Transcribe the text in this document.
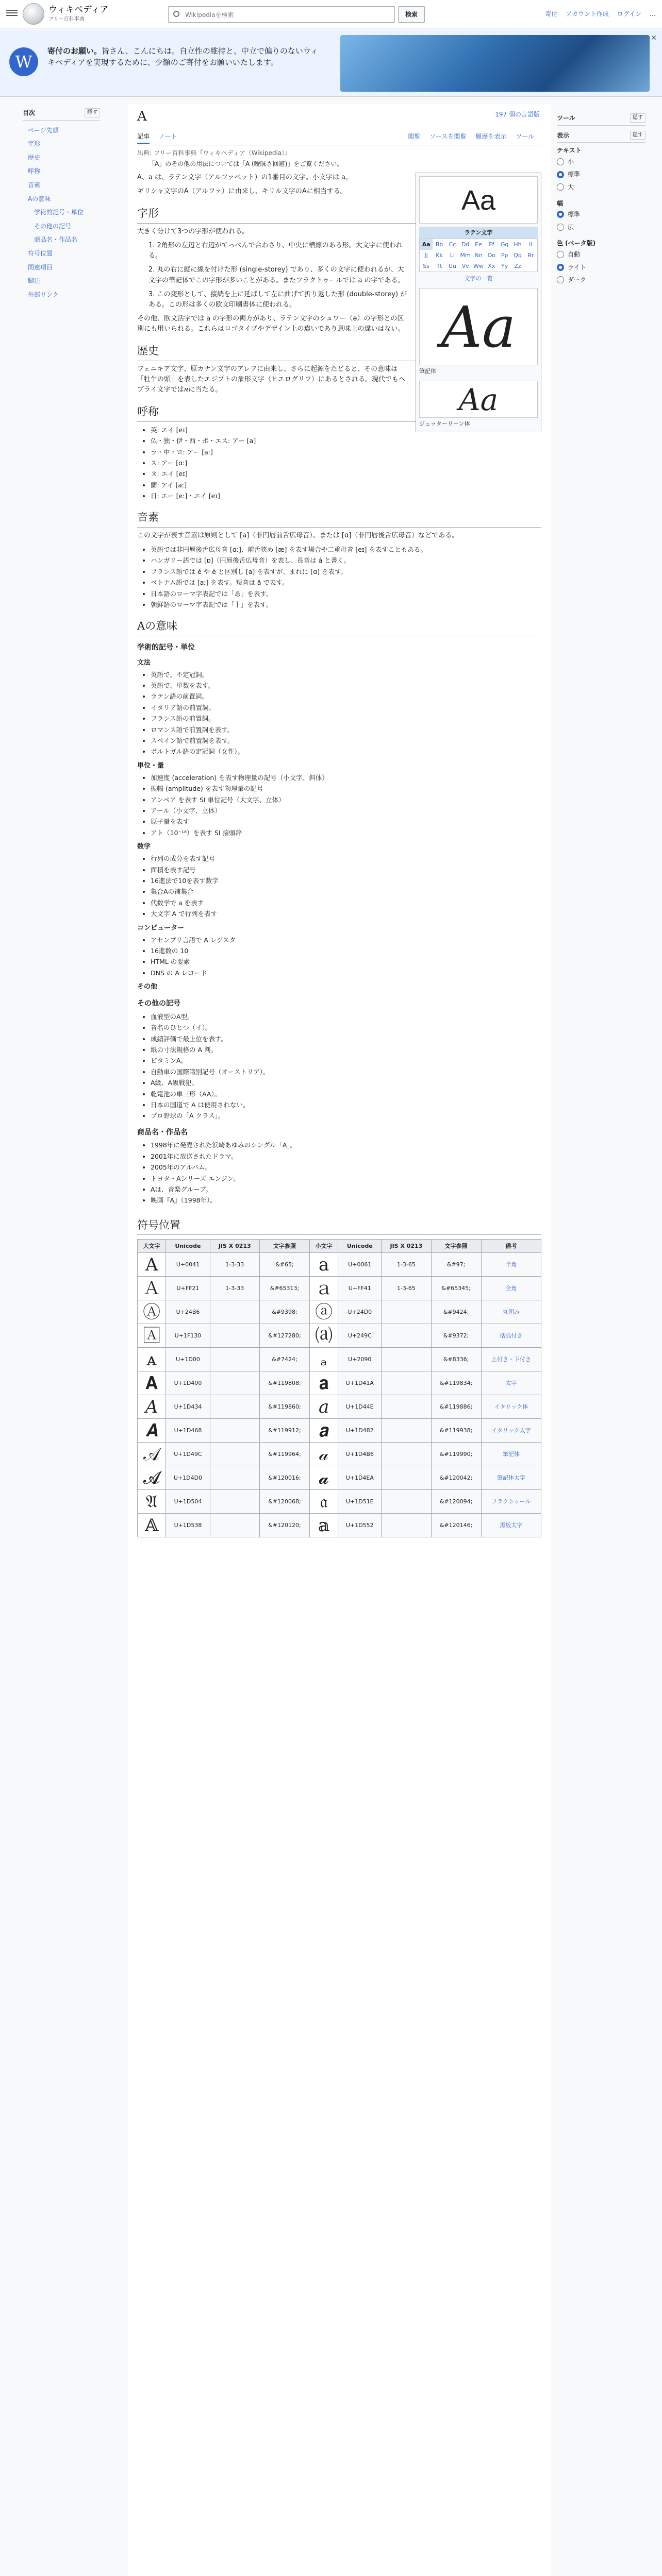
ウィキペディア
フリー百科事典
Wikipediaを検索	検索	寄付 アカウント作成 ログイン …
W
寄付のお願い。皆さん、こんにちは。自立性の維持と、中立で偏りのないウィキペディアを実現するために、少額のご寄付をお願いいたします。
✕
目次	隠す
ページ先頭
字形
歴史
呼称
音素
Aの意味
学術的記号・単位
その他の記号
商品名・作品名
符号位置
関連項目
脚注
外部リンク
ツール	隠す
表示	隠す
テキスト
小
標準
大
幅
標準
広
色 (ベータ版)
自動
ライト
ダーク
A	197 個の言語版
記事 ノート	閲覧 ソースを閲覧 履歴を表示 ツール
出典: フリー百科事典『ウィキペディア（Wikipedia）』
「A」のその他の用法については「A (曖昧さ回避)」をご覧ください。
Aa
ラテン文字
Aa Bb	Cc Dd Ee	Ff	Gg Hh	Ii
Jj	Kk	Ll Mm Nn Oo Pp Qq	Rr
Ss	Tt	Uu Vv Ww Xx	Yy	Zz
文字の一覧
Aa
筆記体
Aa
ジュッターリーン体

A、a は、ラテン文字（アルファベット）の1番目の文字。小文字は a。

ギリシャ文字のΑ（アルファ）に由来し、キリル文字のАに相当する。

字形

大きく分けて3つの字形が使われる。

1. 2角形の左辺と右辺がてっぺんで合わさり、中央に横線のある形。大文字に使われる。

2. 丸の右に縦に線を付けた形 (single-storey) であり、多くの文字に使われるが、大文字の筆記体でこの字形が多いことがある。またフラクトゥールでは a の字である。

3. この変形として、接続を上に延ばして左に曲げて折り返した形 (double-storey) がある。この形は多くの欧文印刷書体に使われる。

その他、欧文活字では a の字形の両方があり、ラテン文字のシュワー（ə）の字形との区別にも用いられる。これらはロゴタイプやデザイン上の違いであり意味上の違いはない。

歴史

フェニキア文字、原カナン文字のアレフに由来し、さらに起源をたどると、その意味は「牡牛の頭」を表したエジプトの象形文字（ヒエログリフ）にあるとされる。現代でもヘブライ文字ではאに当たる。

呼称
• 英: エイ [eɪ]
• 仏・独・伊・西・ポ・エス: アー [a]
• ラ・中・ロ: アー [aː]
• ス: アー [ɑː]
• ヌ: エイ [eɪ]
• 蘭: アイ [aː]
• 日: エー [eː]・エイ [eɪ]
音素

この文字が表す音素は原則として [a]（非円唇前舌広母音）、または [ɑ]（非円唇後舌広母音）などである。

• 英語では非円唇後舌広母音 [ɑː]、前舌狭め [æ] を表す場合や二重母音 [eɪ] を表すこともある。
• ハンガリー語では [ɒ]（円唇後舌広母音）を表し、長音は á と書く。
• フランス語では é や è と区別し [a] を表すが、まれに [ɑ] を表す。
• ベトナム語では [aː] を表す。短音は ă で表す。
• 日本語のローマ字表記では「あ」を表す。
• 朝鮮語のローマ字表記では「ㅏ」を表す。
Aの意味
学術的記号・単位
文法
• 英語で、不定冠詞。
• 英語で、単数を表す。
• ラテン語の前置詞。
• イタリア語の前置詞。
• フランス語の前置詞。
• ロマンス語で前置詞を表す。
• スペイン語で前置詞を表す。
• ポルトガル語の定冠詞（女性）。
単位・量
• 加速度 (acceleration) を表す物理量の記号（小文字、斜体）
• 振幅 (amplitude) を表す物理量の記号
• アンペア を表す SI 単位記号（大文字、立体）
• アール（小文字、立体）
• 原子量を表す
• アト（10⁻¹⁸）を表す SI 接頭辞
数学
• 行列の成分を表す記号
• 面積を表す記号
• 16進法で10を表す数字
• 集合Aの補集合
• 代数学で a を表す
• 大文字 A で行列を表す
コンピューター
• アセンブリ言語で A レジスタ
• 16進数の 10
• HTML の要素
• DNS の A レコード
その他
その他の記号
• 血液型のA型。
• 音名のひとつ（イ）。
• 成績評価で最上位を表す。
• 紙の寸法規格の A 判。
• ビタミンA。
• 自動車の国際識別記号（オーストリア）。
• A級、A級戦犯。
• 乾電池の単三形（AA）。
• 日本の国道で A は使用されない。
• プロ野球の「A クラス」。
商品名・作品名
• 1998年に発売された浜崎あゆみのシングル「A」。
• 2001年に放送されたドラマ。
• 2005年のアルバム。
• トヨタ・Aシリーズ エンジン。
• Aは、音楽グループ。
• 映画『A』（1998年）。
符号位置
大文字	Unicode	JIS X 0213	文字参照	小文字	Unicode	JIS X 0213	文字参照	備考
A	U+0041	1-3-33	&#65;	a	U+0061	1-3-65	&#97;	半角
Ａ	U+FF21	1-3-33	&#65313;	ａ	U+FF41	1-3-65	&#65345;	全角
Ⓐ	U+24B6		&#9398;	ⓐ	U+24D0		&#9424;	丸囲み
🄰	U+1F130		&#127280;	⒜	U+249C		&#9372;	括弧付き
ᴀ	U+1D00		&#7424;	ₐ	U+2090		&#8336;	上付き・下付き
𝐀	U+1D400		&#119808;	𝐚	U+1D41A		&#119834;	太字
𝐴	U+1D434		&#119860;	𝑎	U+1D44E		&#119886;	イタリック体
𝑨	U+1D468		&#119912;	𝒂	U+1D482		&#119938;	イタリック太字
𝒜	U+1D49C		&#119964;	𝒶	U+1D4B6		&#119990;	筆記体
𝓐	U+1D4D0		&#120016;	𝓪	U+1D4EA		&#120042;	筆記体太字
𝔄	U+1D504		&#120068;	𝔞	U+1D51E		&#120094;	フラクトゥール
𝔸	U+1D538		&#120120;	𝕒	U+1D552		&#120146;	黒板太字
